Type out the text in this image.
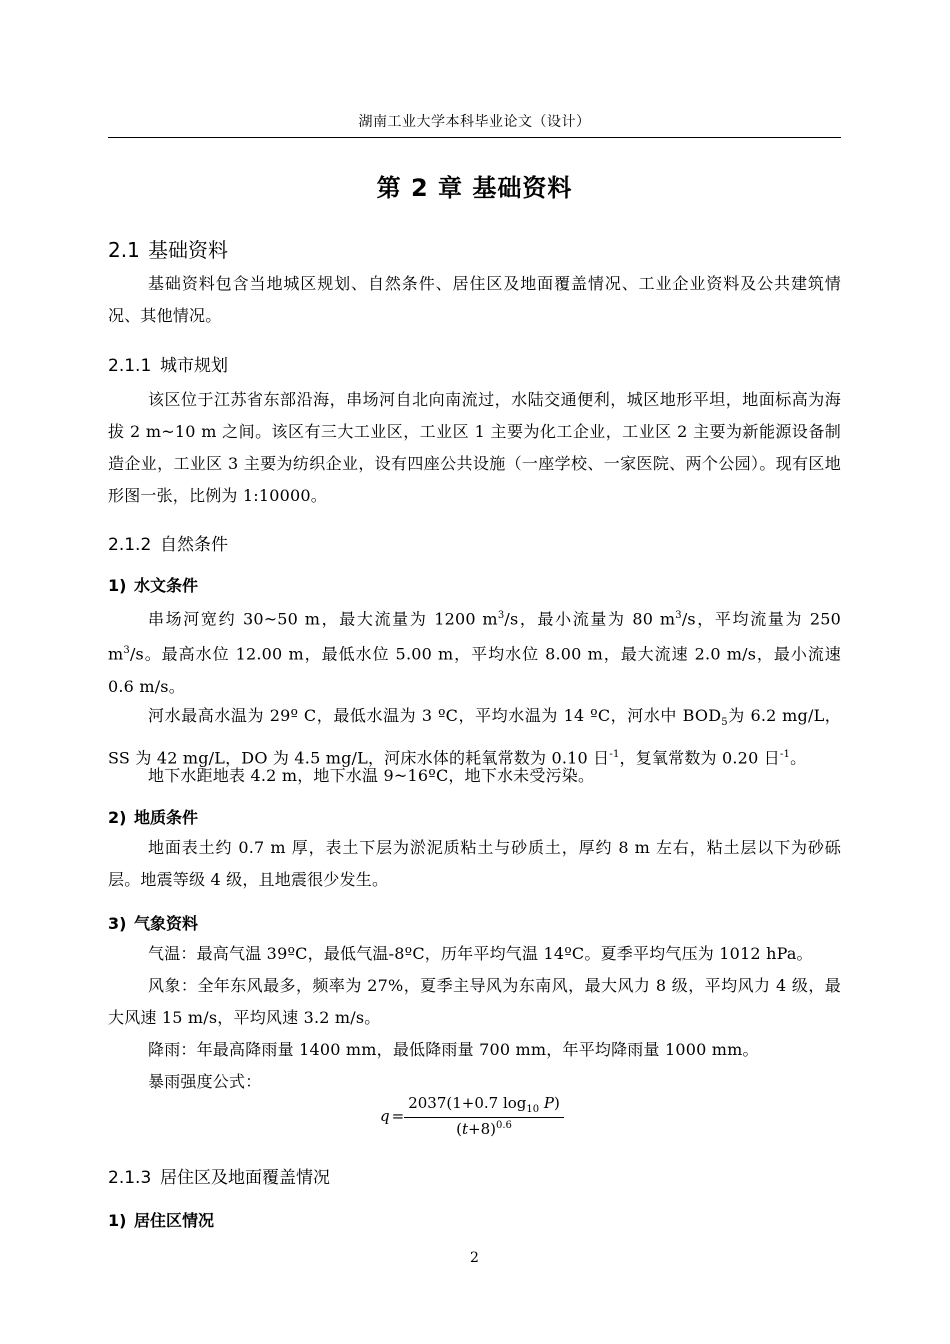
湖南工业大学本科毕业论文（设计）
第 2 章 基础资料
2.1 基础资料
基础资料包含当地城区规划、自然条件、居住区及地面覆盖情况、工业企业资料及公共建筑情况、其他情况。
2.1.1 城市规划
该区位于江苏省东部沿海，串场河自北向南流过，水陆交通便利，城区地形平坦，地面标高为海拔 2 m~10 m 之间。该区有三大工业区，工业区 1 主要为化工企业，工业区 2 主要为新能源设备制造企业，工业区 3 主要为纺织企业，设有四座公共设施（一座学校、一家医院、两个公园）。现有区地形图一张，比例为 1:10000。
2.1.2 自然条件
1) 水文条件
串场河宽约 30~50 m，最大流量为 1200 $m^3/s$，最小流量为 80 $m^3/s$，平均流量为 250 $m^3/s$。最高水位 12.00 m，最低水位 5.00 m，平均水位 8.00 m，最大流速 2.0 m/s，最小流速 0.6 m/s。
河水最高水温为 29º C，最低水温为 3 ºC，平均水温为 14 ºC，河水中 $BOD_5$为 6.2 mg/L，SS 为 42 mg/L，DO 为 4.5 mg/L，河床水体的耗氧常数为 0.10 日$^{-1}$，复氧常数为 0.20 日$^{-1}$。
地下水距地表 4.2 m，地下水温 9~16ºC，地下水未受污染。
2) 地质条件
地面表土约 0.7 m 厚，表土下层为淤泥质粘土与砂质土，厚约 8 m 左右，粘土层以下为砂砾层。地震等级 4 级，且地震很少发生。
3) 气象资料
气温：最高气温 39ºC，最低气温-8ºC，历年平均气温 14ºC。夏季平均气压为 1012 hPa。
风象：全年东风最多，频率为 27%，夏季主导风为东南风，最大风力 8 级，平均风力 4 级，最大风速 15 m/s，平均风速 3.2 m/s。
降雨：年最高降雨量 1400 mm，最低降雨量 700 mm，年平均降雨量 1000 mm。
暴雨强度公式：
$q = \frac{2037(1+0.7 \log_{10} P)}{(t+8)^{0.6}}$
2.1.3 居住区及地面覆盖情况
1) 居住区情况
2
